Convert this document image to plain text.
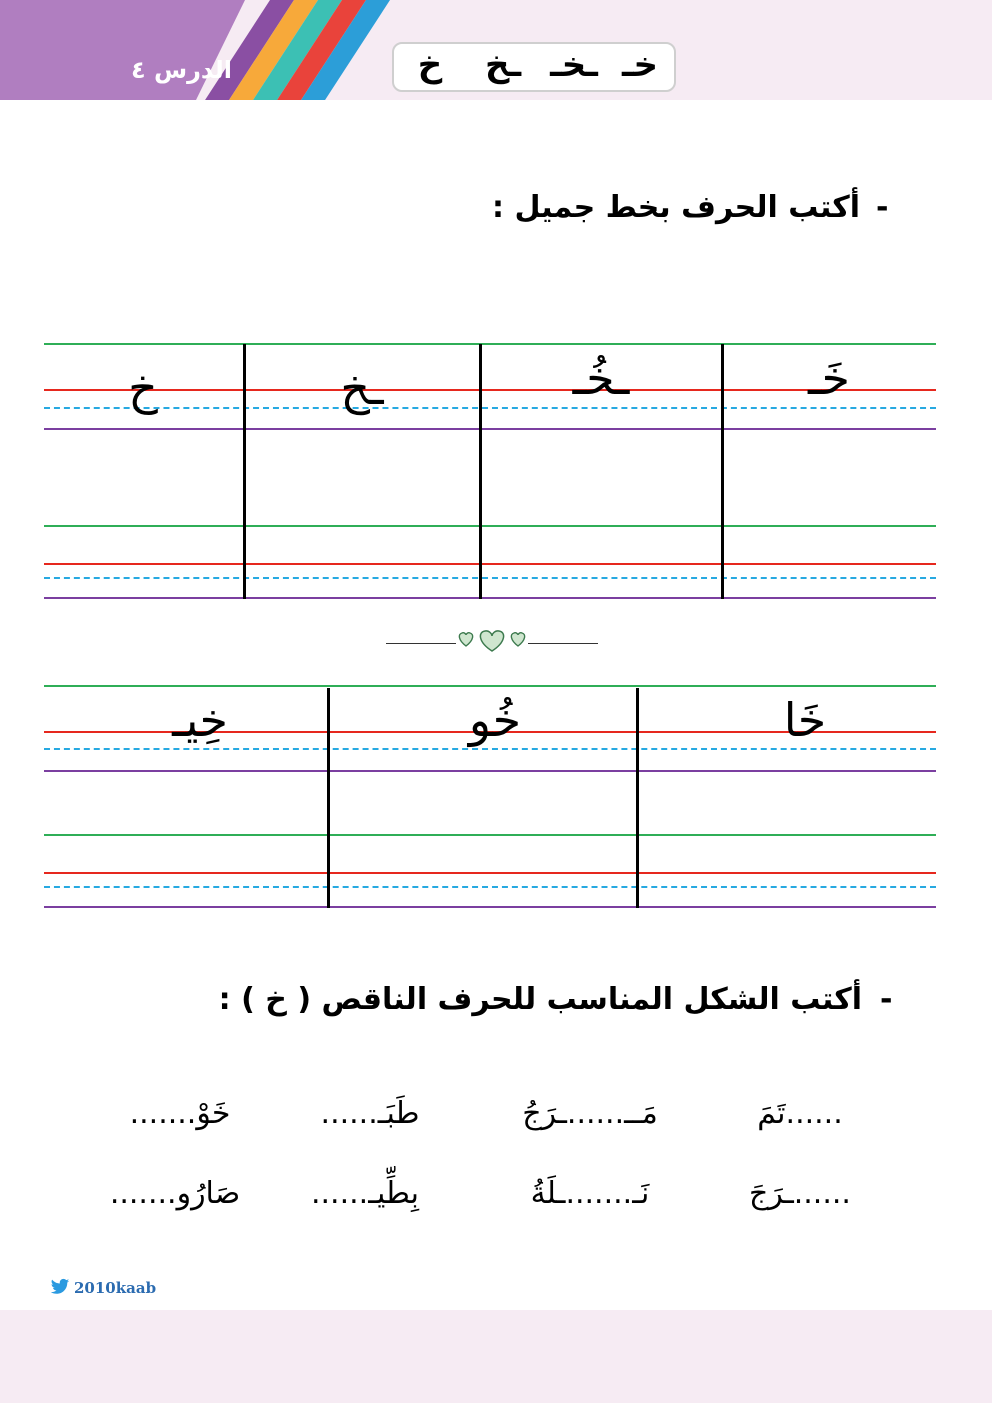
الدرس ٤	خـ
ـخـ
ـخ
خ
-
أكتب الحرف بخط جميل :
خَـ
ـخُـ
ـخ
خ
خَا
خُو
خِيـ
-
أكتب الشكل المناسب للحرف الناقص ( خ ) :
......تَمَ
مَــ......ـرَجُ
طَبَـ......
خَوْ.......
......ـرَجَ
نَـ.......ـلَةُ
بِطِّيـ......
صَارُو.......
2010kaab
